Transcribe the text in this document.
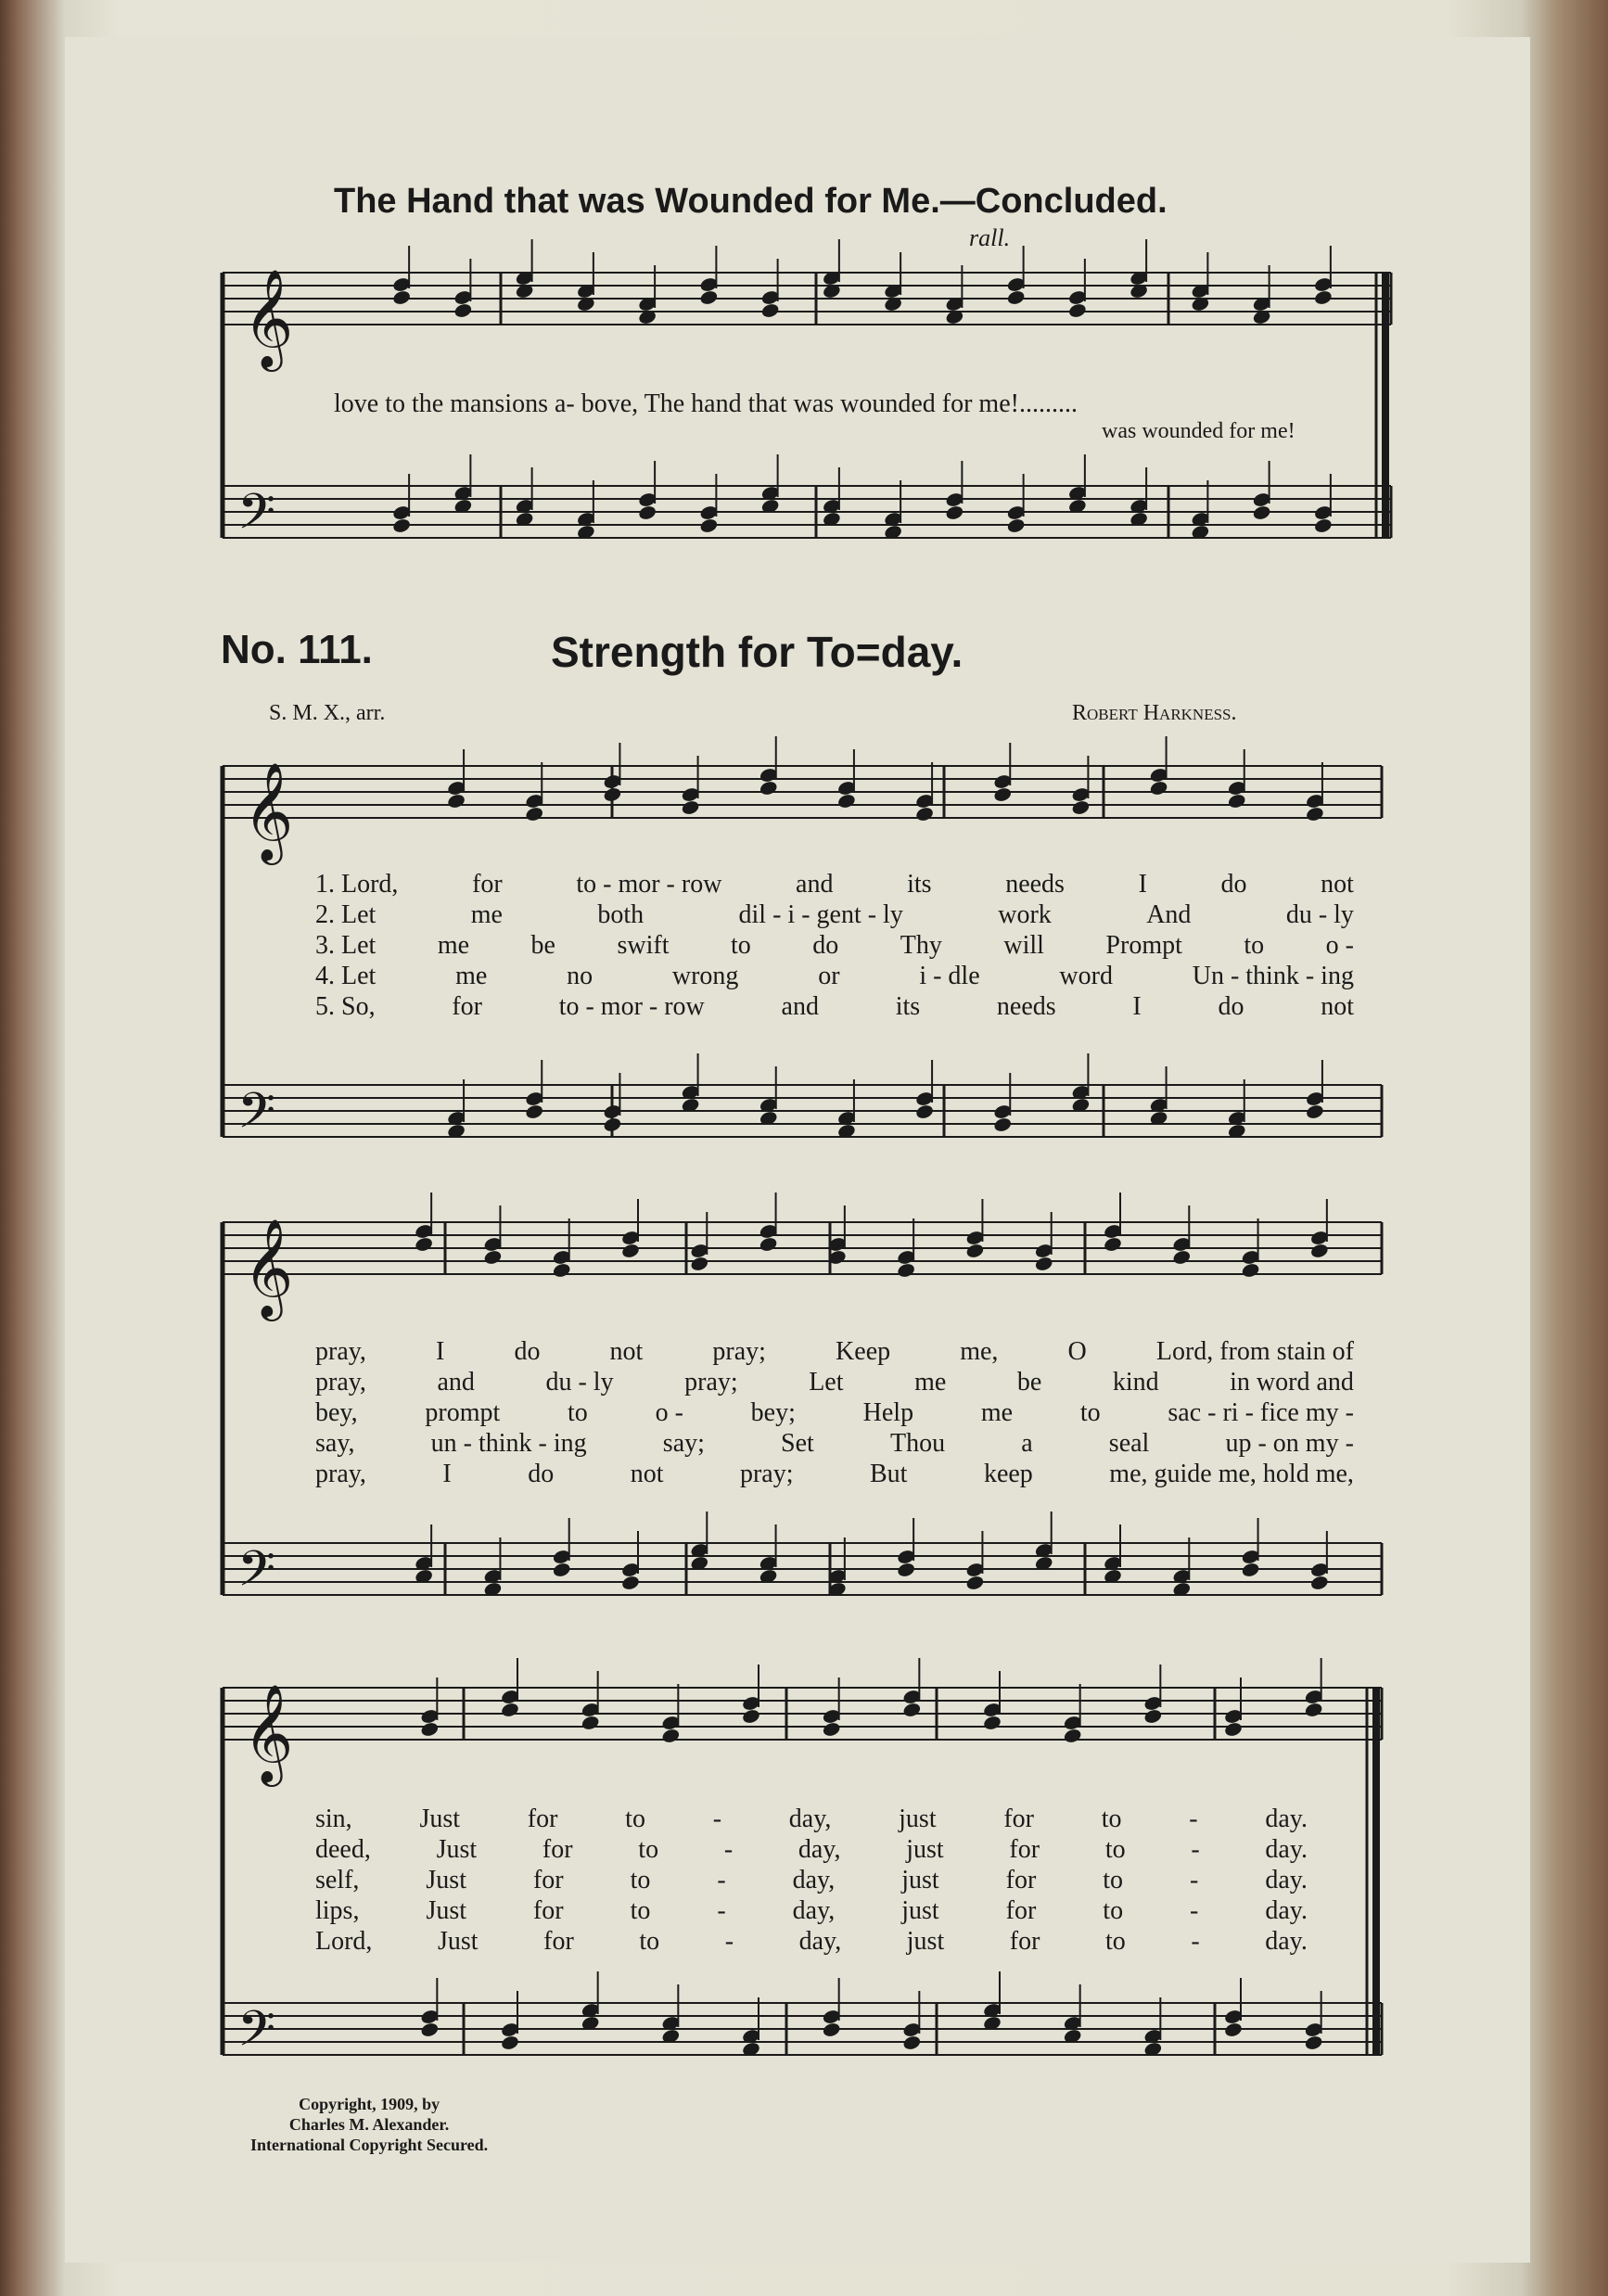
𝄞
𝄢
𝄞
𝄢
𝄞
𝄢
𝄞
𝄢
The Hand that was Wounded for Me.—Concluded.
rall.
love to the mansions a- bove, The hand that was wounded for me!.........
was wounded for me!
No. 111.	Strength for To=day.
S. M. X., arr.	Robert Harkness.
1. Lord,	for	to - mor - row	and	its	needs	I	do	not
2. Let	me	both	dil - i - gent - ly	work	And	du - ly
3. Let me be swift to do Thy will Prompt to o -
4. Let	me	no	wrong	or	i - dle	word	Un - think - ing
5. So,	for	to - mor - row	and	its	needs	I	do	not
pray,	I	do	not	pray;	Keep	me,	O	Lord, from stain of
pray,	and	du - ly	pray;	Let	me	be	kind	in word and
bey,	prompt	to	o -	bey;	Help	me	to	sac - ri - fice my -
say,	un - think - ing	say;	Set	Thou	a	seal	up - on my -
pray,	I	do	not	pray;	But	keep	me, guide me, hold me,
sin,	Just	for	to	-	day,	just	for	to	-	day.
deed,	Just	for	to	-	day,	just	for	to	-	day.
self,	Just	for	to	-	day,	just	for	to	-	day.
lips,	Just	for	to	-	day,	just	for	to	-	day.
Lord,	Just	for	to	-	day,	just	for	to	-	day.
Copyright, 1909, by
Charles M. Alexander.
International Copyright Secured.
